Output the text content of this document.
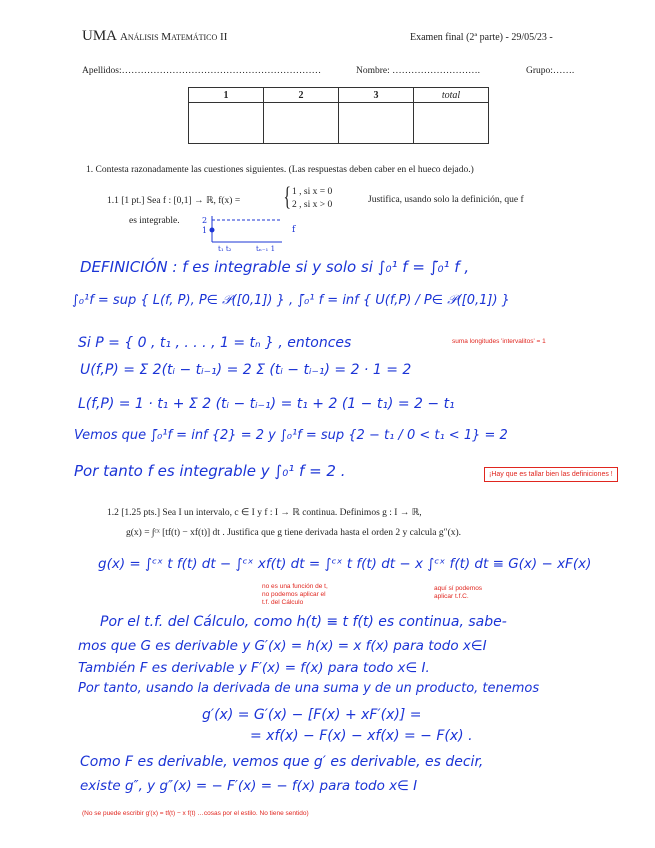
UMA Análisis Matemático II	Examen final (2ª parte) - 29/05/23 -
Apellidos:………………………………………………………	Nombre: ……………………….	Grupo:…….
1	2	3	total

1. Contesta razonadamente las cuestiones siguientes. (Las respuestas deben caber en el hueco dejado.)
1.1 [1 pt.] Sea f : [0,1] → ℝ, f(x) = { 1 , si x = 0
2 , si x > 0	Justifica, usando solo la definición, que f
es integrable.	2
1
t₁ t₂	tₙ₋₁ 1
f
DEFINICIÓN : f es integrable si y solo si ∫₀¹ f = ∫̄₀¹ f ,
∫₀¹f = sup { L(f, P), P∈ 𝒫([0,1]) } , ∫̄₀¹ f = inf { U(f,P) / P∈ 𝒫([0,1]) }
Si P = { 0 , t₁ , . . . , 1 = tₙ } , entonces	suma longitudes 'intervalitos' = 1
U(f,P) = Σ 2(tᵢ − tᵢ₋₁) = 2 Σ (tᵢ − tᵢ₋₁) = 2 · 1 = 2
L(f,P) = 1 · t₁ + Σ 2 (tᵢ − tᵢ₋₁) = t₁ + 2 (1 − t₁) = 2 − t₁
Vemos que ∫̄₀¹f = inf {2} = 2 y ∫₀¹f = sup {2 − t₁ / 0 < t₁ < 1} = 2
Por tanto f es integrable y ∫₀¹ f = 2 .	¡Hay que es tallar bien las definiciones !
1.2 [1.25 pts.] Sea I un intervalo, c ∈ I y f : I → ℝ continua. Definimos g : I → ℝ,
g(x) = ∫ᶜˣ [tf(t) − xf(t)] dt . Justifica que g tiene derivada hasta el orden 2 y calcula g″(x).
g(x) = ∫ᶜˣ t f(t) dt − ∫ᶜˣ xf(t) dt = ∫ᶜˣ t f(t) dt − x ∫ᶜˣ f(t) dt ≡ G(x) − xF(x)
no es una función de t,
no podemos aplicar el
t.f. del Cálculo
aquí sí podemos
aplicar t.f.C.
Por el t.f. del Cálculo, como h(t) ≡ t f(t) es continua, sabe-
mos que G es derivable y G′(x) = h(x) = x f(x) para todo x∈I
También F es derivable y F′(x) = f(x) para todo x∈ I.
Por tanto, usando la derivada de una suma y de un producto, tenemos
g′(x) = G′(x) − [F(x) + xF′(x)] =
= xf(x) − F(x) − xf(x) = − F(x) .
Como F es derivable, vemos que g′ es derivable, es decir,
existe g″, y g″(x) = − F′(x) = − f(x) para todo x∈ I
(No se puede escribir g′(x) = tf(t) − x f(t) …cosas por el estilo. No tiene sentido)
